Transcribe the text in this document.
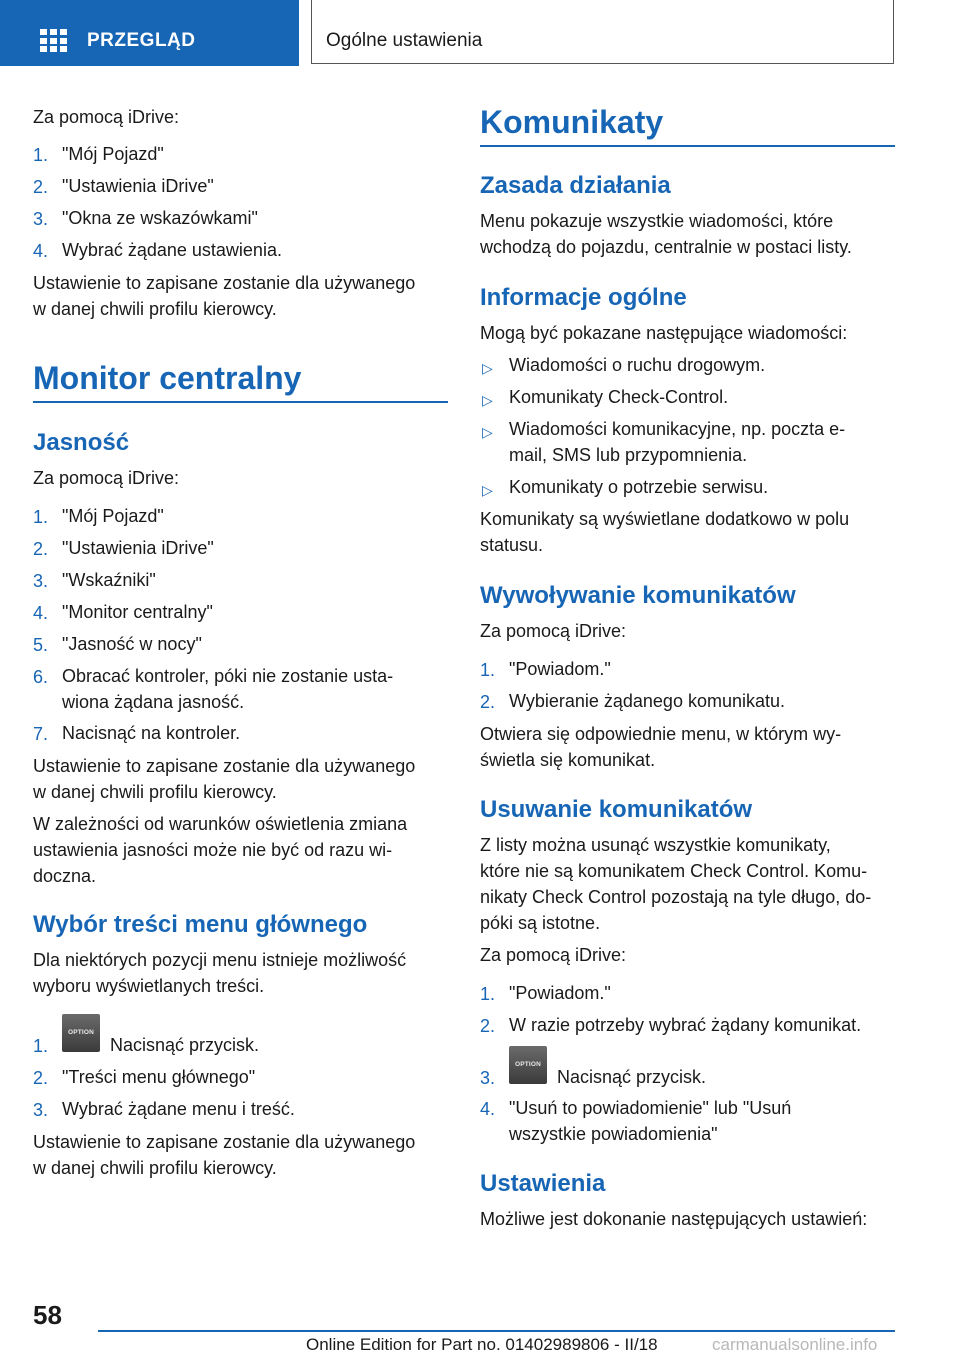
PRZEGLĄD	Ogólne ustawienia
Za pomocą iDrive:
1. "Mój Pojazd"
2. "Ustawienia iDrive"
3. "Okna ze wskazówkami"
4. Wybrać żądane ustawienia.
Ustawienie to zapisane zostanie dla używanego
w danej chwili profilu kierowcy.
Monitor centralny
Jasność
Za pomocą iDrive:
1. "Mój Pojazd"
2. "Ustawienia iDrive"
3. "Wskaźniki"
4. "Monitor centralny"
5. "Jasność w nocy"
6. Obracać kontroler, póki nie zostanie usta-
wiona żądana jasność.
7. Nacisnąć na kontroler.
Ustawienie to zapisane zostanie dla używanego
w danej chwili profilu kierowcy.
W zależności od warunków oświetlenia zmiana
ustawienia jasności może nie być od razu wi-
doczna.
Wybór treści menu głównego
Dla niektórych pozycji menu istnieje możliwość
wyboru wyświetlanych treści.
1.
OPTION
Nacisnąć przycisk.
2. "Treści menu głównego"
3. Wybrać żądane menu i treść.
Ustawienie to zapisane zostanie dla używanego
w danej chwili profilu kierowcy.
Komunikaty
Zasada działania
Menu pokazuje wszystkie wiadomości, które
wchodzą do pojazdu, centralnie w postaci listy.
Informacje ogólne
Mogą być pokazane następujące wiadomości:
▷ Wiadomości o ruchu drogowym.
▷ Komunikaty Check-Control.
▷ Wiadomości komunikacyjne, np. poczta e-
mail, SMS lub przypomnienia.
▷ Komunikaty o potrzebie serwisu.
Komunikaty są wyświetlane dodatkowo w polu
statusu.
Wywoływanie komunikatów
Za pomocą iDrive:
1. "Powiadom."
2. Wybieranie żądanego komunikatu.
Otwiera się odpowiednie menu, w którym wy-
świetla się komunikat.
Usuwanie komunikatów
Z listy można usunąć wszystkie komunikaty,
które nie są komunikatem Check Control. Komu-
nikaty Check Control pozostają na tyle długo, do-
póki są istotne.
Za pomocą iDrive:
1. "Powiadom."
2. W razie potrzeby wybrać żądany komunikat.
3.
OPTION
Nacisnąć przycisk.
4. "Usuń to powiadomienie" lub "Usuń
wszystkie powiadomienia"
Ustawienia
Możliwe jest dokonanie następujących ustawień:
58
Online Edition for Part no. 01402989806 - II/18	carmanualsonline.info
